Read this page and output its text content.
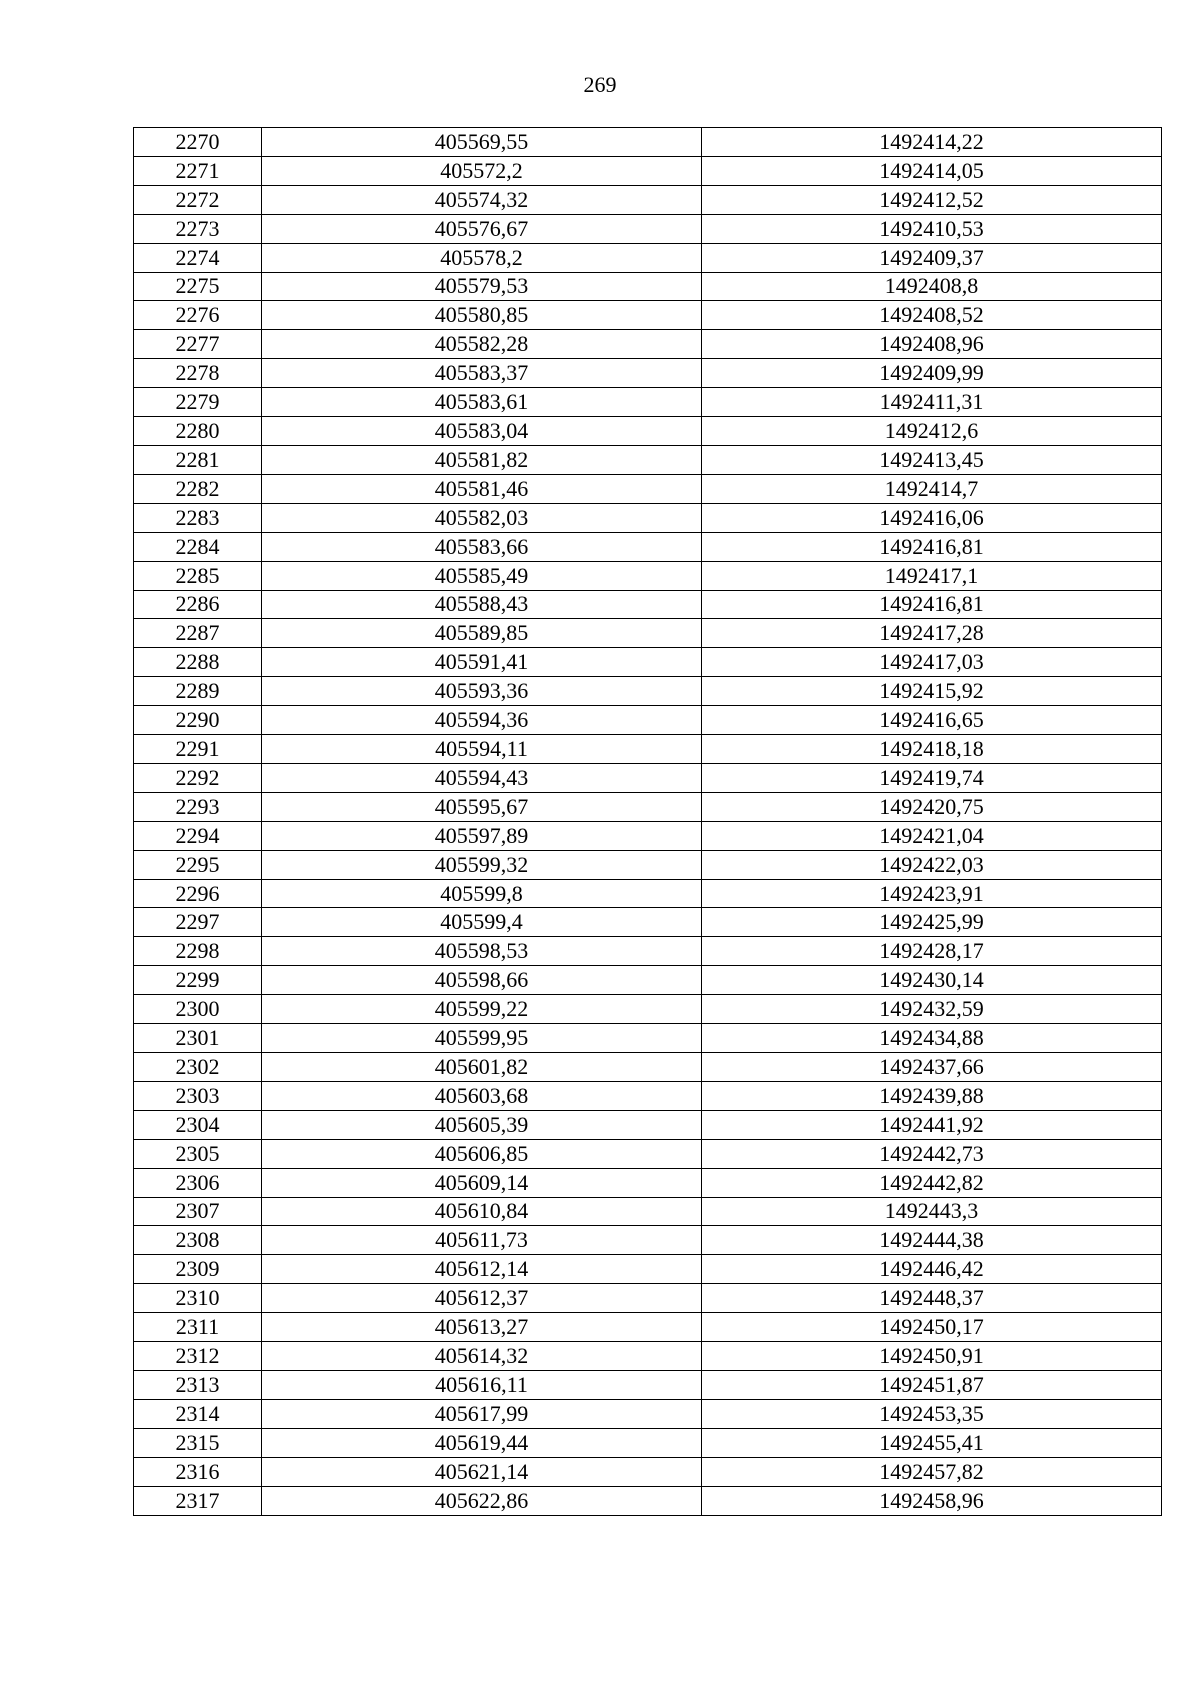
269
2270	405569,55	1492414,22
2271	405572,2	1492414,05
2272	405574,32	1492412,52
2273	405576,67	1492410,53
2274	405578,2	1492409,37
2275	405579,53	1492408,8
2276	405580,85	1492408,52
2277	405582,28	1492408,96
2278	405583,37	1492409,99
2279	405583,61	1492411,31
2280	405583,04	1492412,6
2281	405581,82	1492413,45
2282	405581,46	1492414,7
2283	405582,03	1492416,06
2284	405583,66	1492416,81
2285	405585,49	1492417,1
2286	405588,43	1492416,81
2287	405589,85	1492417,28
2288	405591,41	1492417,03
2289	405593,36	1492415,92
2290	405594,36	1492416,65
2291	405594,11	1492418,18
2292	405594,43	1492419,74
2293	405595,67	1492420,75
2294	405597,89	1492421,04
2295	405599,32	1492422,03
2296	405599,8	1492423,91
2297	405599,4	1492425,99
2298	405598,53	1492428,17
2299	405598,66	1492430,14
2300	405599,22	1492432,59
2301	405599,95	1492434,88
2302	405601,82	1492437,66
2303	405603,68	1492439,88
2304	405605,39	1492441,92
2305	405606,85	1492442,73
2306	405609,14	1492442,82
2307	405610,84	1492443,3
2308	405611,73	1492444,38
2309	405612,14	1492446,42
2310	405612,37	1492448,37
2311	405613,27	1492450,17
2312	405614,32	1492450,91
2313	405616,11	1492451,87
2314	405617,99	1492453,35
2315	405619,44	1492455,41
2316	405621,14	1492457,82
2317	405622,86	1492458,96
